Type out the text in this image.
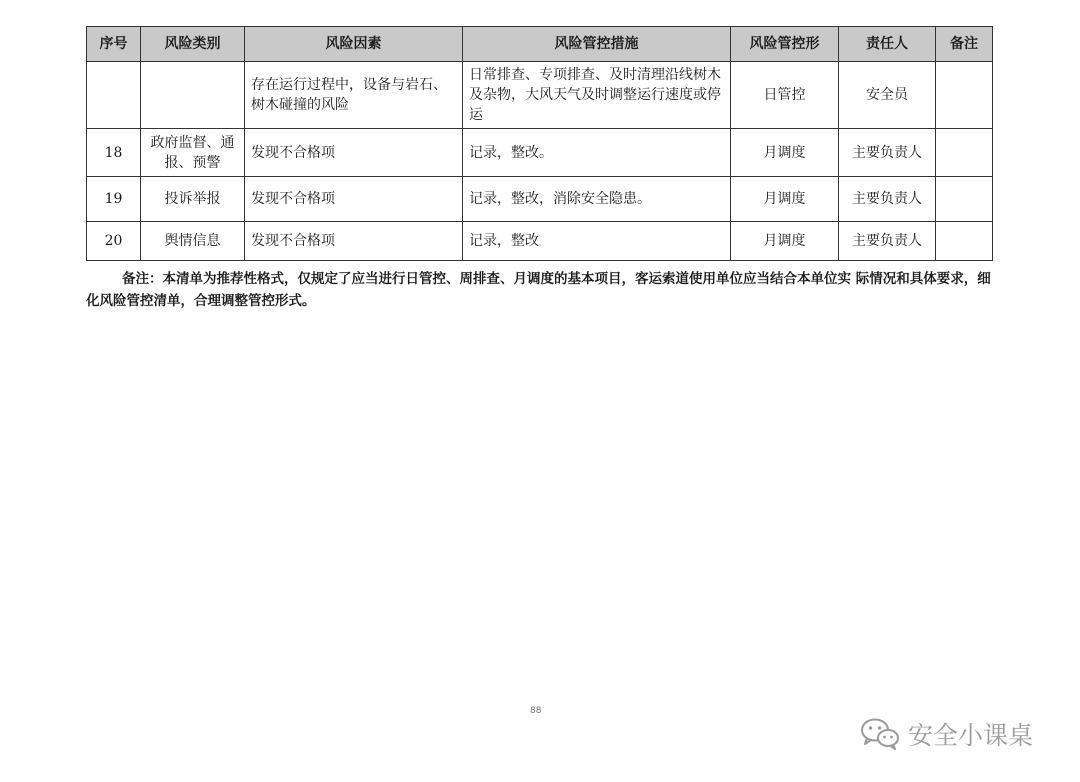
序号	风险类别	风险因素	风险管控措施	风险管控形	责任人	备注
		存在运行过程中，设备与岩石、树木碰撞的风险	日常排查、专项排查、及时清理沿线树木及杂物，大风天气及时调整运行速度或停运	日管控	安全员	
18	政府监督、通报、预警	发现不合格项	记录，整改。	月调度	主要负责人	
19	投诉举报	发现不合格项	记录，整改，消除安全隐患。	月调度	主要负责人	
20	舆情信息	发现不合格项	记录，整改	月调度	主要负责人	
备注：本清单为推荐性格式，仅规定了应当进行日管控、周排查、月调度的基本项目，客运索道使用单位应当结合本单位实 际情况和具体要求，细化风险管控清单，合理调整管控形式。
88
安全小课桌
